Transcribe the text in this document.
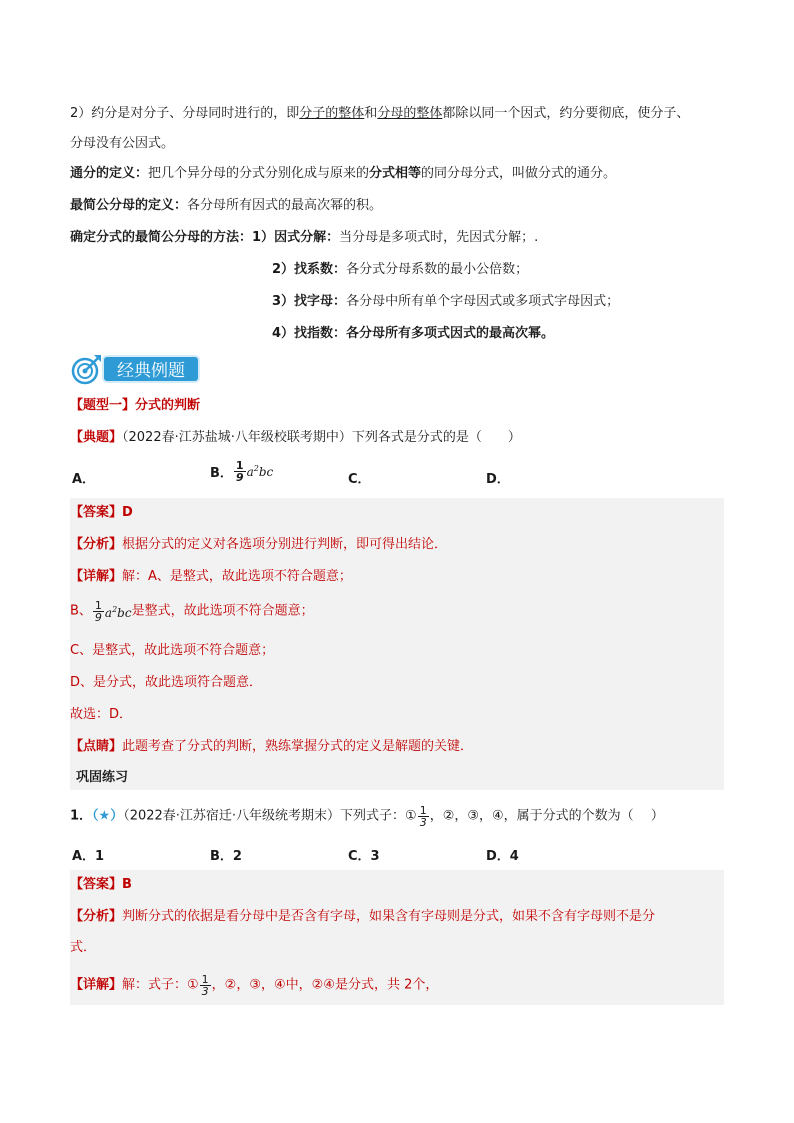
2）约分是对分子、分母同时进行的，即分子的整体和分母的整体都除以同一个因式，约分要彻底，使分子、
分母没有公因式。
通分的定义：把几个异分母的分式分别化成与原来的分式相等的同分母分式，叫做分式的通分。
最简公分母的定义：各分母所有因式的最高次幂的积。
确定分式的最简公分母的方法：1）因式分解：当分母是多项式时，先因式分解；.
2）找系数：各分式分母系数的最小公倍数；
3）找字母：各分母中所有单个字母因式或多项式字母因式；
4）找指数：各分母所有多项式因式的最高次幂。
经典例题
【题型一】分式的判断
【典题】（2022春·江苏盐城·八年级校联考期中）下列各式是分式的是（　　）
A．	B． $\frac{1}{9} a^2bc$	C．	D．
【答案】D
【分析】根据分式的定义对各选项分别进行判断，即可得出结论．
【详解】解：A、是整式，故此选项不符合题意；
B、 $\frac{1}{9} a^2bc$是整式，故此选项不符合题意；
C、是整式，故此选项不符合题意；
D、是分式，故此选项符合题意．
故选：D．
【点睛】此题考查了分式的判断，熟练掌握分式的定义是解题的关键．
巩固练习
1．（★）（2022春·江苏宿迁·八年级统考期末）下列式子：① $\frac{1}{3}$ ，②，③，④，属于分式的个数为（　 ）
A．1	B．2	C．3	D．4
【答案】B
【分析】判断分式的依据是看分母中是否含有字母，如果含有字母则是分式，如果不含有字母则不是分
式．
【详解】解：式子：① $\frac{1}{3}$ ，②，③，④中，②④是分式，共 2个，
